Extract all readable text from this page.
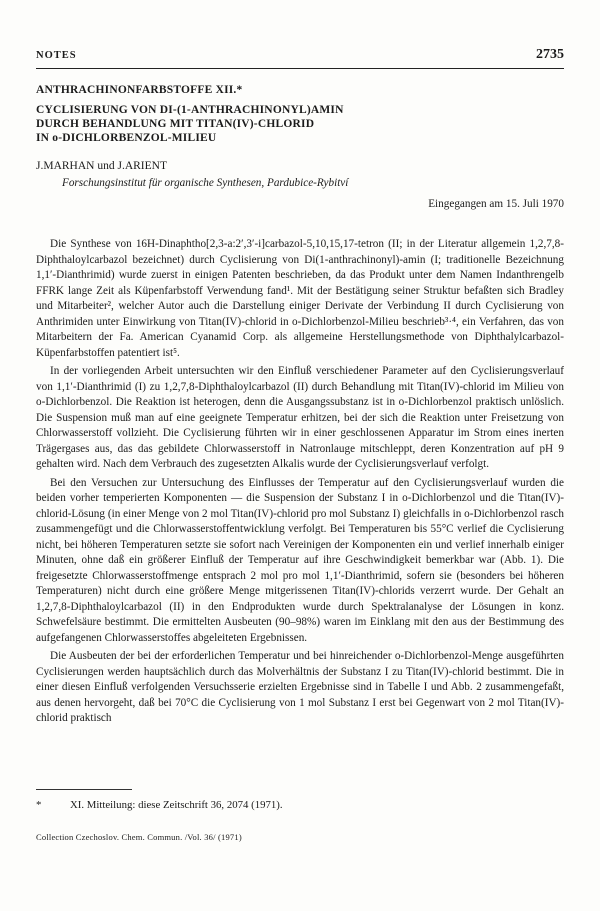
NOTES	2735
ANTHRACHINONFARBSTOFFE XII.*
CYCLISIERUNG VON DI-(1-ANTHRACHINONYL)AMIN
DURCH BEHANDLUNG MIT TITAN(IV)-CHLORID
IN o-DICHLORBENZOL-MILIEU
J.MARHAN und J.ARIENT
Forschungsinstitut für organische Synthesen, Pardubice-Rybitví
Eingegangen am 15. Juli 1970

Die Synthese von 16H-Dinaphtho[2,3-a:2′,3′-i]carbazol-5,10,15,17-tetron (II; in der Literatur allgemein 1,2,7,8-Diphthaloylcarbazol bezeichnet) durch Cyclisierung von Di(1-anthrachinonyl)-amin (I; traditionelle Bezeichnung 1,1′-Dianthrimid) wurde zuerst in einigen Patenten beschrieben, da das Produkt unter dem Namen Indanthrengelb FFRK lange Zeit als Küpenfarbstoff Verwendung fand¹. Mit der Bestätigung seiner Struktur befaßten sich Bradley und Mitarbeiter², welcher Autor auch die Darstellung einiger Derivate der Verbindung II durch Cyclisierung von Anthrimiden unter Einwirkung von Titan(IV)-chlorid in o-Dichlorbenzol-Milieu beschrieb³·⁴, ein Verfahren, das von Mitarbeitern der Fa. American Cyanamid Corp. als allgemeine Herstellungsmethode von Diphthalylcarbazol-Küpenfarbstoffen patentiert ist⁵.

In der vorliegenden Arbeit untersuchten wir den Einfluß verschiedener Parameter auf den Cyclisierungsverlauf von 1,1′-Dianthrimid (I) zu 1,2,7,8-Diphthaloylcarbazol (II) durch Behandlung mit Titan(IV)-chlorid im Milieu von o-Dichlorbenzol. Die Reaktion ist heterogen, denn die Ausgangssubstanz ist in o-Dichlorbenzol praktisch unlöslich. Die Suspension muß man auf eine geeignete Temperatur erhitzen, bei der sich die Reaktion unter Freisetzung von Chlorwasserstoff vollzieht. Die Cyclisierung führten wir in einer geschlossenen Apparatur im Strom eines inerten Trägergases aus, das das gebildete Chlorwasserstoff in Natronlauge mitschleppt, deren Konzentration auf pH 9 gehalten wird. Nach dem Verbrauch des zugesetzten Alkalis wurde der Cyclisierungsverlauf verfolgt.

Bei den Versuchen zur Untersuchung des Einflusses der Temperatur auf den Cyclisierungsverlauf wurden die beiden vorher temperierten Komponenten — die Suspension der Substanz I in o-Dichlorbenzol und die Titan(IV)-chlorid-Lösung (in einer Menge von 2 mol Titan(IV)-chlorid pro mol Substanz I) gleichfalls in o-Dichlorbenzol rasch zusammengefügt und die Chlorwasserstoffentwicklung verfolgt. Bei Temperaturen bis 55°C verlief die Cyclisierung nicht, bei höheren Temperaturen setzte sie sofort nach Vereinigen der Komponenten ein und verlief innerhalb einiger Minuten, ohne daß ein größerer Einfluß der Temperatur auf ihre Geschwindigkeit bemerkbar war (Abb. 1). Die freigesetzte Chlorwasserstoffmenge entsprach 2 mol pro mol 1,1′-Dianthrimid, sofern sie (besonders bei höheren Temperaturen) nicht durch eine größere Menge mitgerissenen Titan(IV)-chlorids verzerrt wurde. Der Gehalt an 1,2,7,8-Diphthaloylcarbazol (II) in den Endprodukten wurde durch Spektralanalyse der Lösungen in konz. Schwefelsäure bestimmt. Die ermittelten Ausbeuten (90–98%) waren im Einklang mit den aus der Bestimmung des aufgefangenen Chlorwasserstoffes abgeleiteten Ergebnissen.

Die Ausbeuten der bei der erforderlichen Temperatur und bei hinreichender o-Dichlorbenzol-Menge ausgeführten Cyclisierungen werden hauptsächlich durch das Molverhältnis der Substanz I zu Titan(IV)-chlorid bestimmt. Die in einer diesen Einfluß verfolgenden Versuchsserie erzielten Ergebnisse sind in Tabelle I und Abb. 2 zusammengefaßt, aus denen hervorgeht, daß bei 70°C die Cyclisierung von 1 mol Substanz I erst bei Gegenwart von 2 mol Titan(IV)-chlorid praktisch

*	XI. Mitteilung: diese Zeitschrift 36, 2074 (1971).
Collection Czechoslov. Chem. Commun. /Vol. 36/ (1971)
